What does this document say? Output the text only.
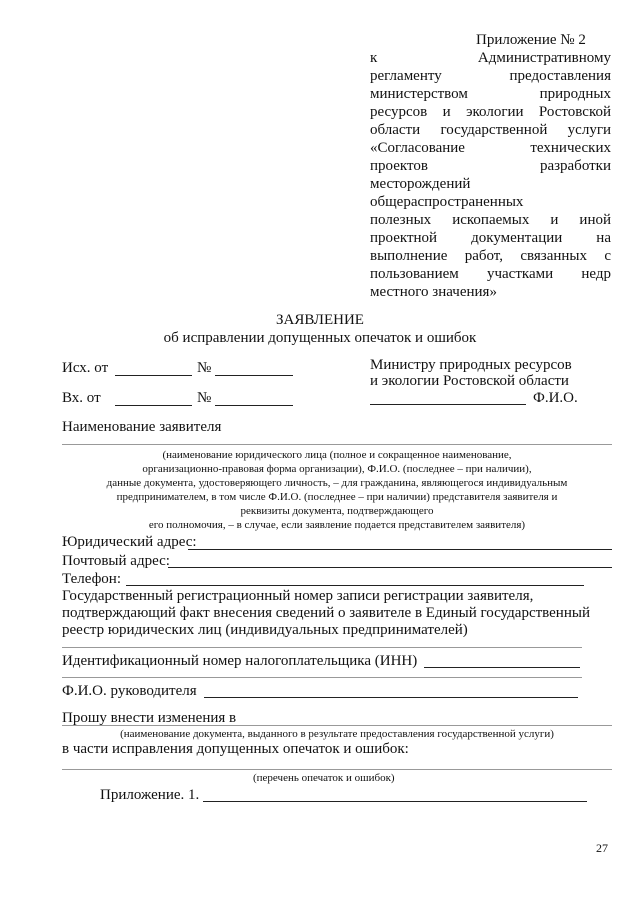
Приложение № 2
к Административному
регламенту предоставления
министерством природных
ресурсов и экологии Ростовской
области государственной услуги
«Согласование технических
проектов разработки
месторождений
общераспространенных
полезных ископаемых и иной
проектной документации на
выполнение работ, связанных с
пользованием участками недр
местного значения»
ЗАЯВЛЕНИЕ
об исправлении допущенных опечаток и ошибок
Исх. от	№
Вх. от	№
Министру природных ресурсов
и экологии Ростовской области
Ф.И.О.
Наименование заявителя
(наименование юридического лица (полное и сокращенное наименование,
организационно-правовая форма организации), Ф.И.О. (последнее – при наличии),
данные документа, удостоверяющего личность, – для гражданина, являющегося индивидуальным
предпринимателем, в том числе Ф.И.О. (последнее – при наличии) представителя заявителя и
реквизиты документа, подтверждающего
его полномочия, – в случае, если заявление подается представителем заявителя)
Юридический адрес:
Почтовый адрес:
Телефон:
Государственный регистрационный номер записи регистрации заявителя,
подтверждающий факт внесения сведений о заявителе в Единый государственный
реестр юридических лиц (индивидуальных предпринимателей)
Идентификационный номер налогоплательщика (ИНН)
Ф.И.О. руководителя
Прошу внести изменения в
(наименование документа, выданного в результате предоставления государственной услуги)
в части исправления допущенных опечаток и ошибок:
(перечень опечаток и ошибок)
Приложение. 1.
27
